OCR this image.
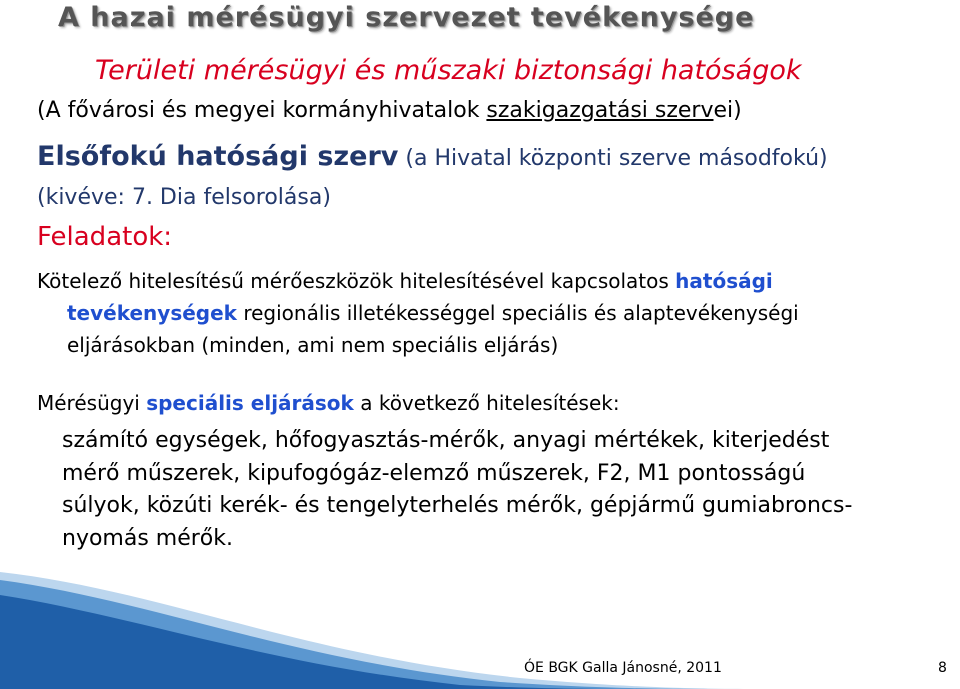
A hazai mérésügyi szervezet tevékenysége
Területi mérésügyi és műszaki biztonsági hatóságok
(A fővárosi és megyei kormányhivatalok szakigazgatási szervei)
Elsőfokú hatósági szerv (a Hivatal központi szerve másodfokú)
(kivéve: 7. Dia felsorolása)
Feladatok:
Kötelező hitelesítésű mérőeszközök hitelesítésével kapcsolatos hatósági
tevékenységek regionális illetékességgel speciális és alaptevékenységi
eljárásokban (minden, ami nem speciális eljárás)
Mérésügyi speciális eljárások a következő hitelesítések:
számító egységek, hőfogyasztás-mérők, anyagi mértékek, kiterjedést
mérő műszerek, kipufogógáz-elemző műszerek, F2, M1 pontosságú
súlyok, közúti kerék- és tengelyterhelés mérők, gépjármű gumiabroncs-
nyomás mérők.
ÓE BGK Galla Jánosné, 2011	8
